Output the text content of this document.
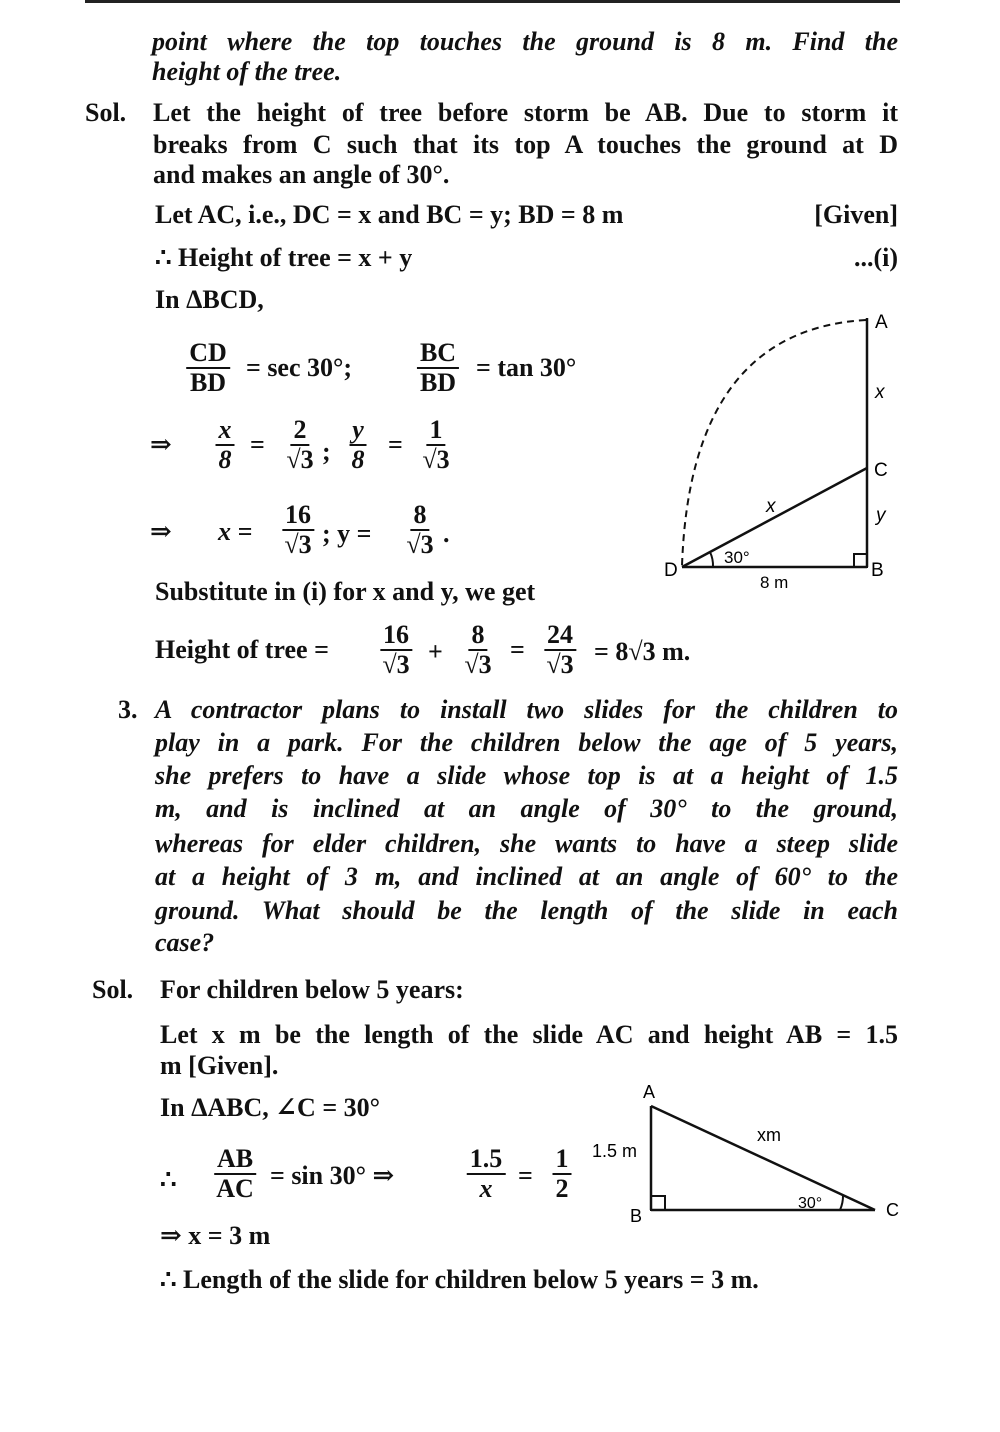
point where the top touches the ground is 8 m. Find the
height of the tree.
Sol. Let the height of tree before storm be AB. Due to storm it
breaks from C such that its top A touches the ground at D
and makes an angle of 30°.
Let AC, i.e., DC = x and BC = y; BD = 8 m	[Given]
∴ Height of tree = x + y	...(i)
In ΔBCD,
$\frac{CD}{BD} = \sec 30^\circ$; $\frac{BC}{BD} = \tan 30^\circ$
⇒ $\frac{x}{8} = \frac{2}{√3}$ ; $\frac{y}{8} = \frac{1}{√3}$
⇒ $x = \frac{16}{√3}$ ; $y = \frac{8}{√3}$ .
Substitute in (i) for x and y, we get
Height of tree = $\frac{16}{√3} + \frac{8}{√3} = \frac{24}{√3} = 8√3$ m.
A
x
C
y
x
30°
D	B
8 m
3. A contractor plans to install two slides for the children to
play in a park. For the children below the age of 5 years,
she prefers to have a slide whose top is at a height of 1.5
m, and is inclined at an angle of 30° to the ground,
whereas for elder children, she wants to have a steep slide
at a height of 3 m, and inclined at an angle of 60° to the
ground. What should be the length of the slide in each
case?
Sol. For children below 5 years:
Let x m be the length of the slide AC and height AB = 1.5
m [Given].
In ΔABC, ∠C = 30°
∴ $\frac{AB}{AC} = \sin 30^\circ$ ⇒	$\frac{1.5}{x} = \frac{1}{2}$
⇒ x = 3 m
∴ Length of the slide for children below 5 years = 3 m.
A
xm
1.5 m
30°
B	C
